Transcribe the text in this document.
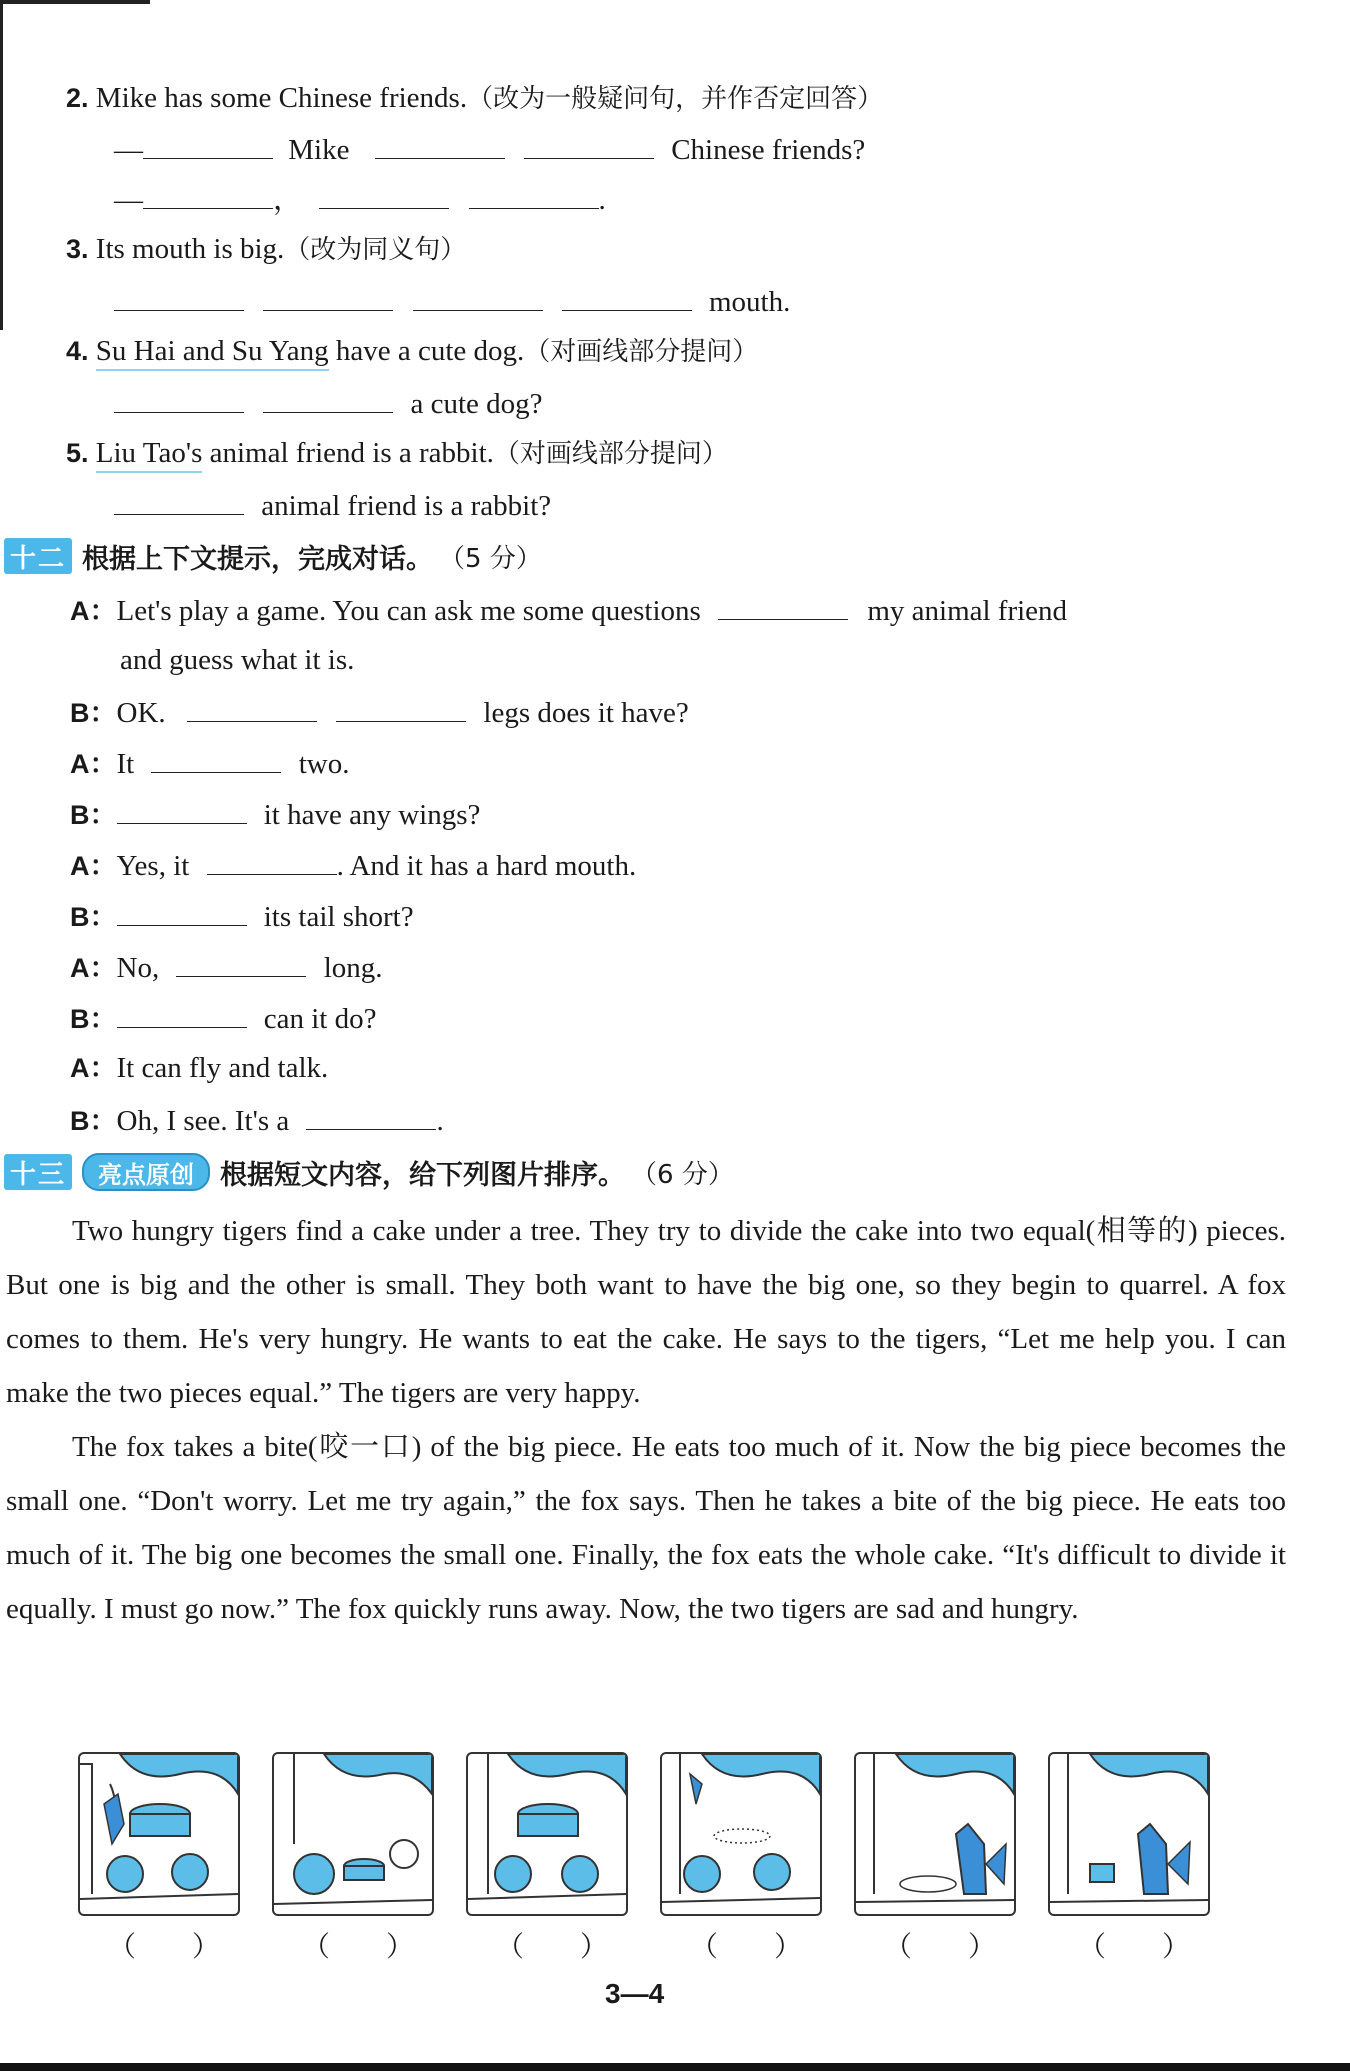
2. Mike has some Chinese friends.（改为一般疑问句，并作否定回答）
—	Mike	Chinese friends?
—	，	.
3. Its mouth is big.（改为同义句）
mouth.
4. Su Hai and Su Yang have a cute dog.（对画线部分提问）
a cute dog?
5. Liu Tao's animal friend is a rabbit.（对画线部分提问）
animal friend is a rabbit?
十二 根据上下文提示，完成对话。 （5 分）
A：Let's play a game. You can ask me some questions	my animal friend
and guess what it is.
B：OK.	legs does it have?
A：It	two.
B：	it have any wings?
A：Yes, it	. And it has a hard mouth.
B：	its tail short?
A：No,	long.
B：	can it do?
A：It can fly and talk.
B：Oh, I see. It's a	.
十三	亮点原创 根据短文内容，给下列图片排序。 （6 分）

Two hungry tigers find a cake under a tree. They try to divide the cake into two equal(相等的) pieces. But one is big and the other is small. They both want to have the big one, so they begin to quarrel. A fox comes to them. He's very hungry. He wants to eat the cake. He says to the tigers, “Let me help you. I can make the two pieces equal.” The tigers are very happy.

The fox takes a bite(咬一口) of the big piece. He eats too much of it. Now the big piece becomes the small one. “Don't worry. Let me try again,” the fox says. Then he takes a bite of the big piece. He eats too much of it. The big one becomes the small one. Finally, the fox eats the whole cake. “It's difficult to divide it equally. I must go now.” The fox quickly runs away. Now, the two tigers are sad and hungry.

（　　）	（　　）	（　　）	（　　）	（　　）	（　　）
3—4
